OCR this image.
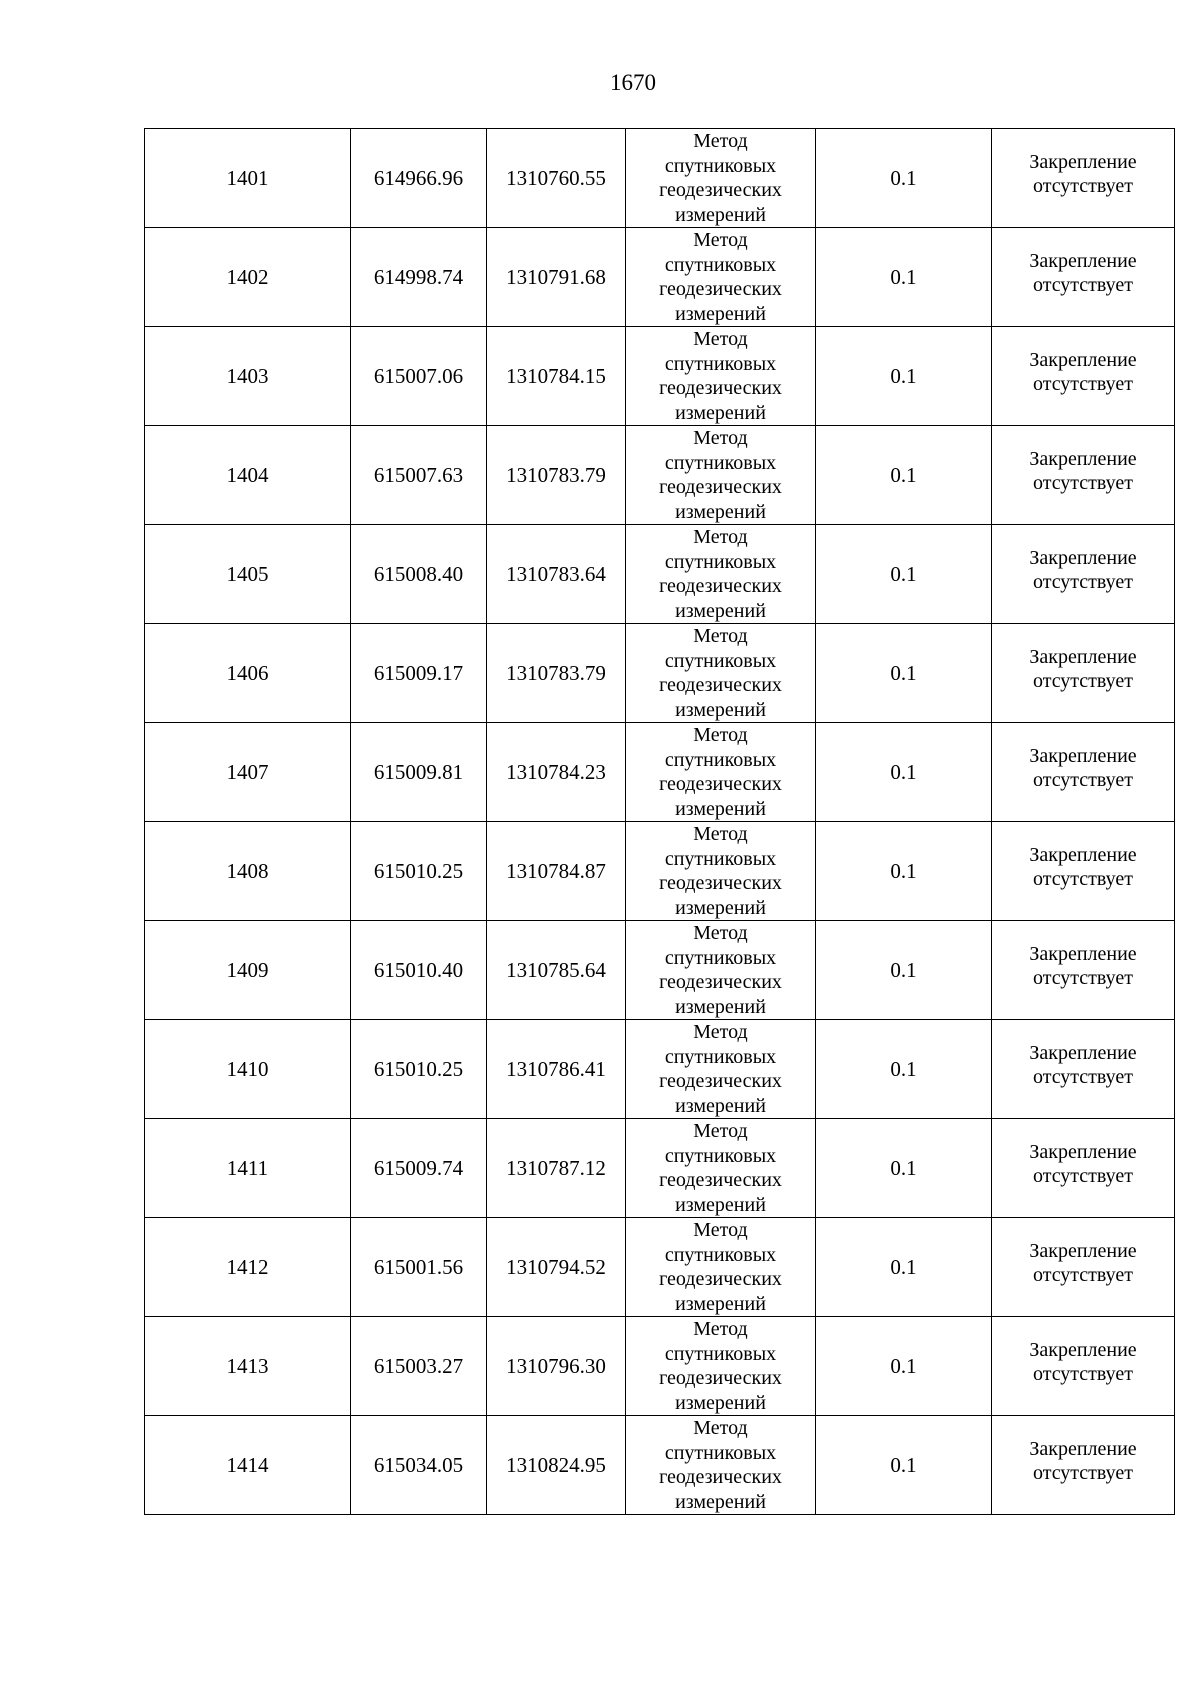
1670
1401	614966.96	1310760.55	Метод
спутниковых
геодезических
измерений	0.1	Закрепление
отсутствует

1402	614998.74	1310791.68	Метод
спутниковых
геодезических
измерений	0.1	Закрепление
отсутствует

1403	615007.06	1310784.15	Метод
спутниковых
геодезических
измерений	0.1	Закрепление
отсутствует

1404	615007.63	1310783.79	Метод
спутниковых
геодезических
измерений	0.1	Закрепление
отсутствует

1405	615008.40	1310783.64	Метод
спутниковых
геодезических
измерений	0.1	Закрепление
отсутствует

1406	615009.17	1310783.79	Метод
спутниковых
геодезических
измерений	0.1	Закрепление
отсутствует

1407	615009.81	1310784.23	Метод
спутниковых
геодезических
измерений	0.1	Закрепление
отсутствует

1408	615010.25	1310784.87	Метод
спутниковых
геодезических
измерений	0.1	Закрепление
отсутствует

1409	615010.40	1310785.64	Метод
спутниковых
геодезических
измерений	0.1	Закрепление
отсутствует

1410	615010.25	1310786.41	Метод
спутниковых
геодезических
измерений	0.1	Закрепление
отсутствует

1411	615009.74	1310787.12	Метод
спутниковых
геодезических
измерений	0.1	Закрепление
отсутствует

1412	615001.56	1310794.52	Метод
спутниковых
геодезических
измерений	0.1	Закрепление
отсутствует

1413	615003.27	1310796.30	Метод
спутниковых
геодезических
измерений	0.1	Закрепление
отсутствует

1414	615034.05	1310824.95	Метод
спутниковых
геодезических
измерений	0.1	Закрепление
отсутствует
